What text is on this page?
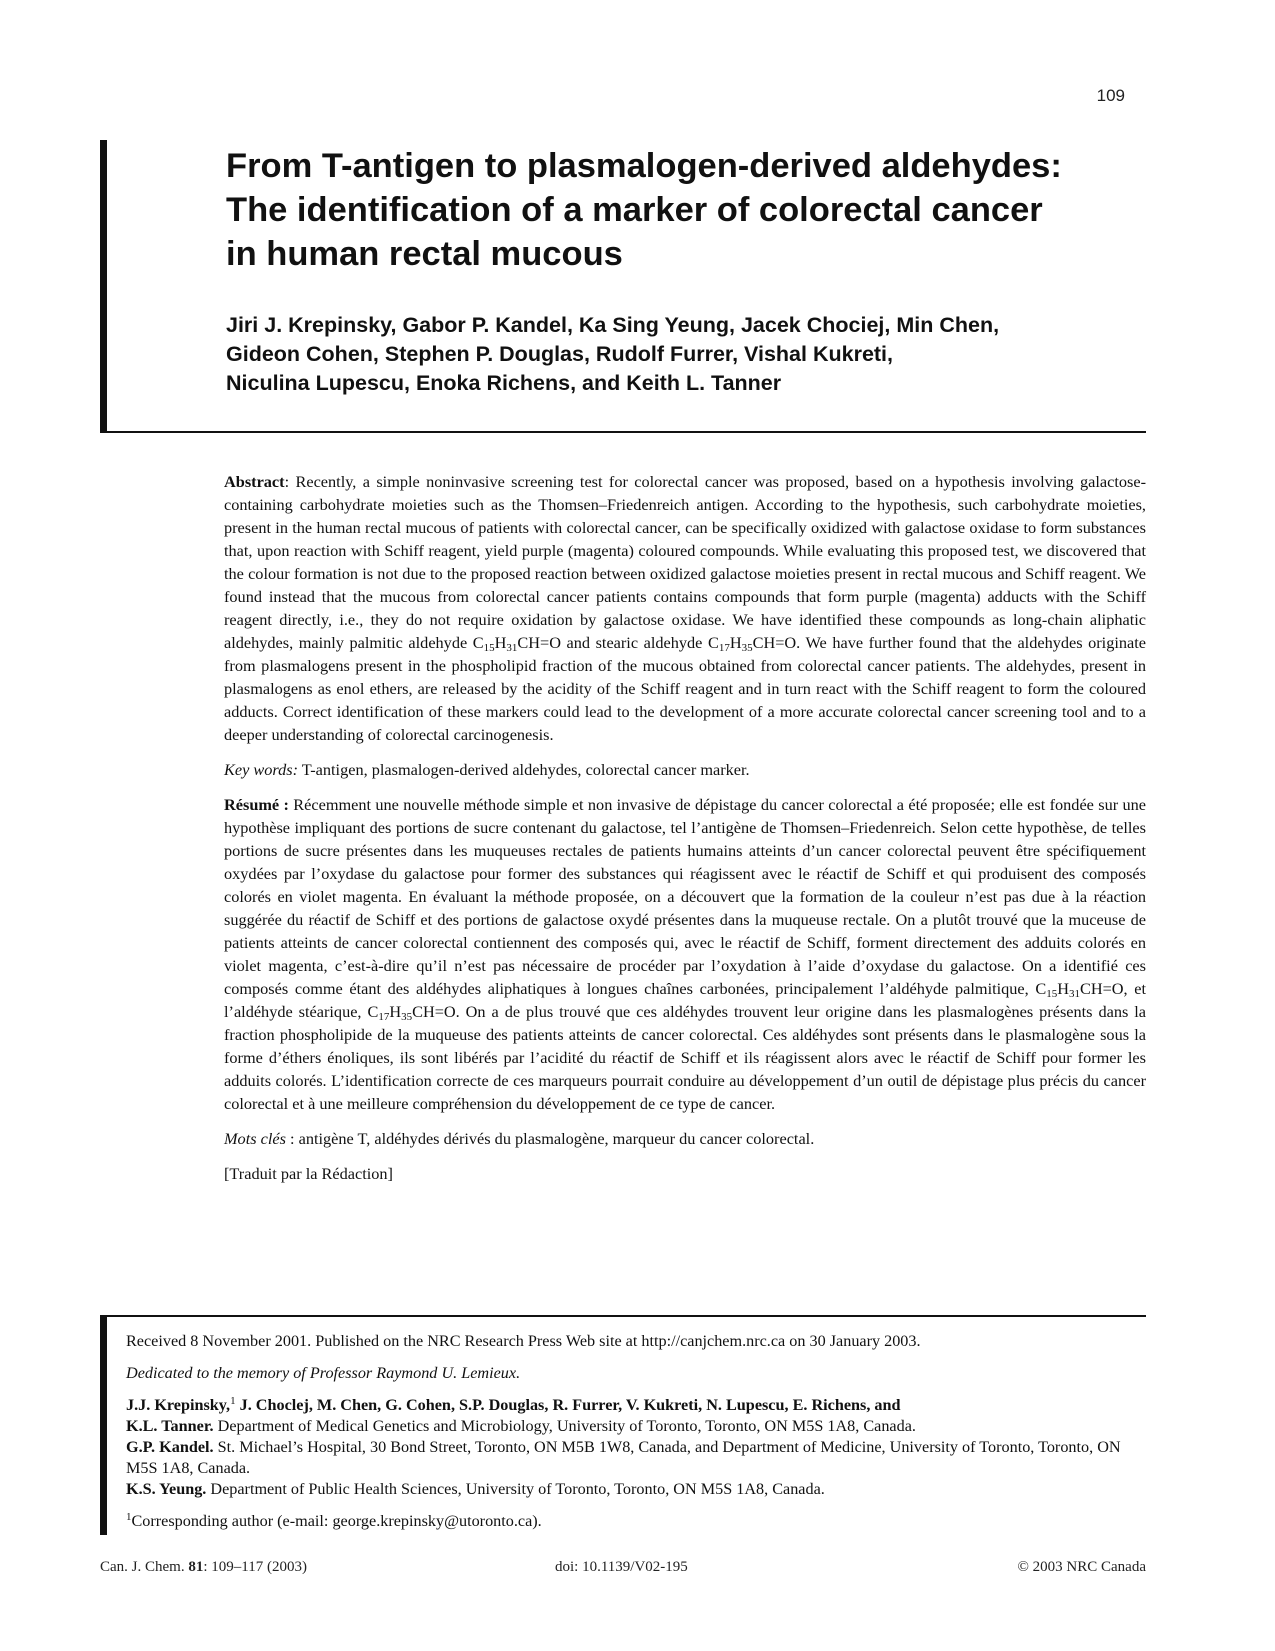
109
From T-antigen to plasmalogen-derived aldehydes:
The identification of a marker of colorectal cancer
in human rectal mucous
Jiri J. Krepinsky, Gabor P. Kandel, Ka Sing Yeung, Jacek Chociej, Min Chen,
Gideon Cohen, Stephen P. Douglas, Rudolf Furrer, Vishal Kukreti,
Niculina Lupescu, Enoka Richens, and Keith L. Tanner

Abstract: Recently, a simple noninvasive screening test for colorectal cancer was proposed, based on a hypothesis involving galactose-containing carbohydrate moieties such as the Thomsen–Friedenreich antigen. According to the hypothesis, such carbohydrate moieties, present in the human rectal mucous of patients with colorectal cancer, can be specifically oxidized with galactose oxidase to form substances that, upon reaction with Schiff reagent, yield purple (magenta) coloured compounds. While evaluating this proposed test, we discovered that the colour formation is not due to the proposed reaction between oxidized galactose moieties present in rectal mucous and Schiff reagent. We found instead that the mucous from colorectal cancer patients contains compounds that form purple (magenta) adducts with the Schiff reagent directly, i.e., they do not require oxidation by galactose oxidase. We have identified these compounds as long-chain aliphatic aldehydes, mainly palmitic aldehyde $C_{15}H_{31}CH=O$ and stearic aldehyde $C_{17}H_{35}CH=O$. We have further found that the aldehydes originate from plasmalogens present in the phospholipid fraction of the mucous obtained from colorectal cancer patients. The aldehydes, present in plasmalogens as enol ethers, are released by the acidity of the Schiff reagent and in turn react with the Schiff reagent to form the coloured adducts. Correct identification of these markers could lead to the development of a more accurate colorectal cancer screening tool and to a deeper understanding of colorectal carcinogenesis.

Key words: T-antigen, plasmalogen-derived aldehydes, colorectal cancer marker.

Résumé : Récemment une nouvelle méthode simple et non invasive de dépistage du cancer colorectal a été proposée; elle est fondée sur une hypothèse impliquant des portions de sucre contenant du galactose, tel l’antigène de Thomsen–Friedenreich. Selon cette hypothèse, de telles portions de sucre présentes dans les muqueuses rectales de patients humains atteints d’un cancer colorectal peuvent être spécifiquement oxydées par l’oxydase du galactose pour former des substances qui réagissent avec le réactif de Schiff et qui produisent des composés colorés en violet magenta. En évaluant la méthode proposée, on a découvert que la formation de la couleur n’est pas due à la réaction suggérée du réactif de Schiff et des portions de galactose oxydé présentes dans la muqueuse rectale. On a plutôt trouvé que la muceuse de patients atteints de cancer colorectal contiennent des composés qui, avec le réactif de Schiff, forment directement des adduits colorés en violet magenta, c’est-à-dire qu’il n’est pas nécessaire de procéder par l’oxydation à l’aide d’oxydase du galactose. On a identifié ces composés comme étant des aldéhydes aliphatiques à longues chaînes carbonées, principalement l’aldéhyde palmitique, $C_{15}H_{31}CH=O$, et l’aldéhyde stéarique, $C_{17}H_{35}CH=O$. On a de plus trouvé que ces aldéhydes trouvent leur origine dans les plasmalogènes présents dans la fraction phospholipide de la muqueuse des patients atteints de cancer colorectal. Ces aldéhydes sont présents dans le plasmalogène sous la forme d’éthers énoliques, ils sont libérés par l’acidité du réactif de Schiff et ils réagissent alors avec le réactif de Schiff pour former les adduits colorés. L’identification correcte de ces marqueurs pourrait conduire au développement d’un outil de dépistage plus précis du cancer colorectal et à une meilleure compréhension du développement de ce type de cancer.

Mots clés : antigène T, aldéhydes dérivés du plasmalogène, marqueur du cancer colorectal.

[Traduit par la Rédaction]

Received 8 November 2001. Published on the NRC Research Press Web site at http://canjchem.nrc.ca on 30 January 2003.

Dedicated to the memory of Professor Raymond U. Lemieux.

J.J. Krepinsky,$^1$ J. Choclej, M. Chen, G. Cohen, S.P. Douglas, R. Furrer, V. Kukreti, N. Lupescu, E. Richens, and
K.L. Tanner. Department of Medical Genetics and Microbiology, University of Toronto, Toronto, ON M5S 1A8, Canada.

G.P. Kandel. St. Michael’s Hospital, 30 Bond Street, Toronto, ON M5B 1W8, Canada, and Department of Medicine, University of Toronto, Toronto, ON M5S 1A8, Canada.

K.S. Yeung. Department of Public Health Sciences, University of Toronto, Toronto, ON M5S 1A8, Canada.

$^1$Corresponding author (e-mail: george.krepinsky@utoronto.ca).

Can. J. Chem. 81: 109–117 (2003)	doi: 10.1139/V02-195	© 2003 NRC Canada
